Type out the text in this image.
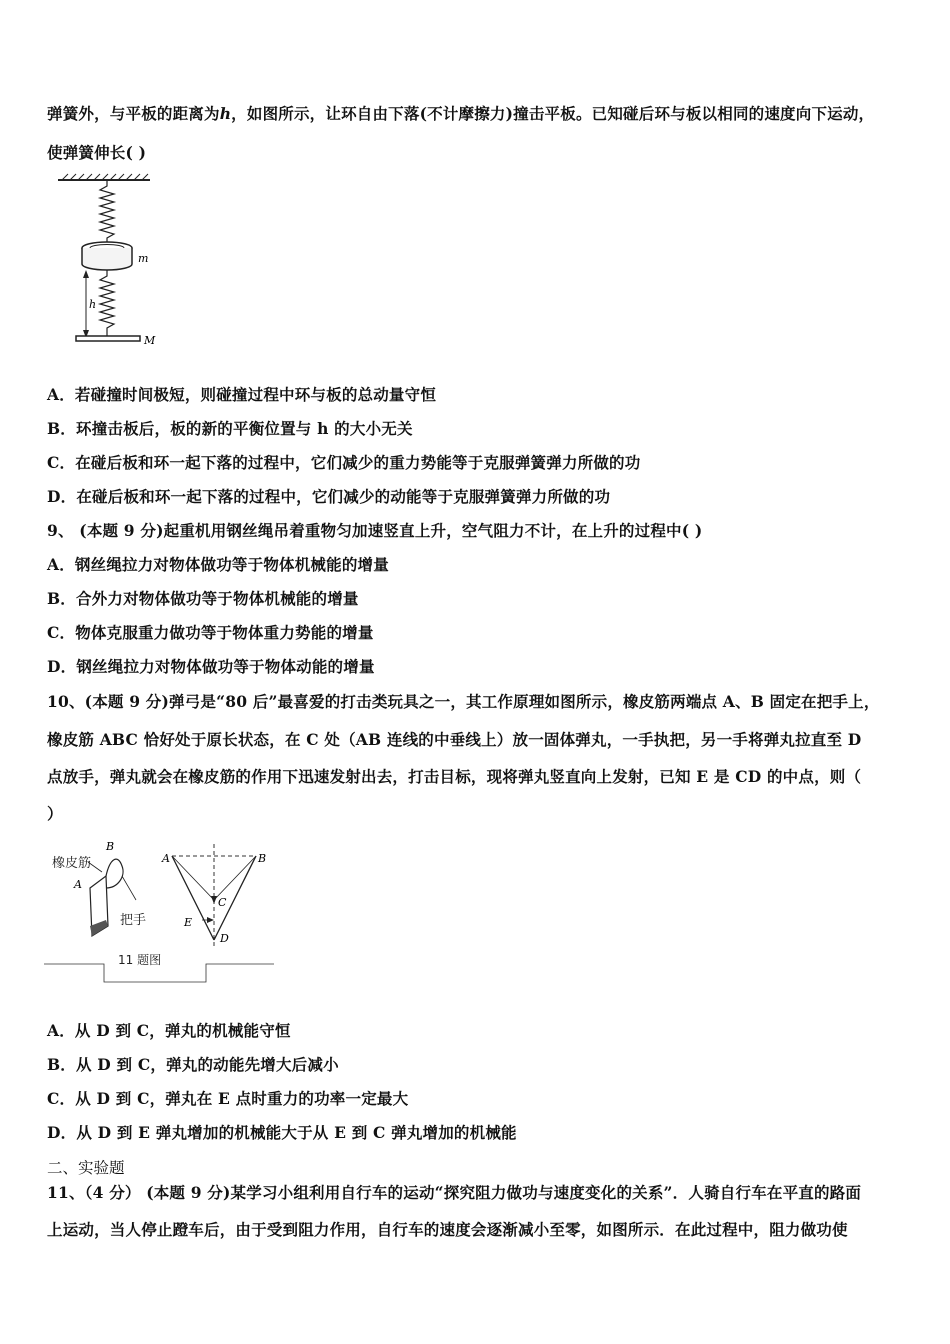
弹簧外，与平板的距离为ℎ，如图所示，让环自由下落(不计摩擦力)撞击平板。已知碰后环与板以相同的速度向下运动，
使弹簧伸长( )
m
h
M
A．若碰撞时间极短，则碰撞过程中环与板的总动量守恒
B．环撞击板后，板的新的平衡位置与 h 的大小无关
C．在碰后板和环一起下落的过程中，它们减少的重力势能等于克服弹簧弹力所做的功
D．在碰后板和环一起下落的过程中，它们减少的动能等于克服弹簧弹力所做的功
9、 (本题 9 分)起重机用钢丝绳吊着重物匀加速竖直上升，空气阻力不计，在上升的过程中( )
A．钢丝绳拉力对物体做功等于物体机械能的增量
B．合外力对物体做功等于物体机械能的增量
C．物体克服重力做功等于物体重力势能的增量
D．钢丝绳拉力对物体做功等于物体动能的增量
10、(本题 9 分)弹弓是“80 后”最喜爱的打击类玩具之一，其工作原理如图所示，橡皮筋两端点 A、B 固定在把手上，
橡皮筋 ABC 恰好处于原长状态，在 C 处（AB 连线的中垂线上）放一固体弹丸，一手执把，另一手将弹丸拉直至 D
点放手，弹丸就会在橡皮筋的作用下迅速发射出去，打击目标，现将弹丸竖直向上发射，已知 E 是 CD 的中点，则（
）
橡皮筋
B
A
把手
A	B
C
E
D
11 题图
A．从 D 到 C，弹丸的机械能守恒
B．从 D 到 C，弹丸的动能先增大后减小
C．从 D 到 C，弹丸在 E 点时重力的功率一定最大
D．从 D 到 E 弹丸增加的机械能大于从 E 到 C 弹丸增加的机械能
二、实验题
11、（4 分） (本题 9 分)某学习小组利用自行车的运动“探究阻力做功与速度变化的关系”．人骑自行车在平直的路面
上运动，当人停止蹬车后，由于受到阻力作用，自行车的速度会逐渐减小至零，如图所示．在此过程中，阻力做功使
